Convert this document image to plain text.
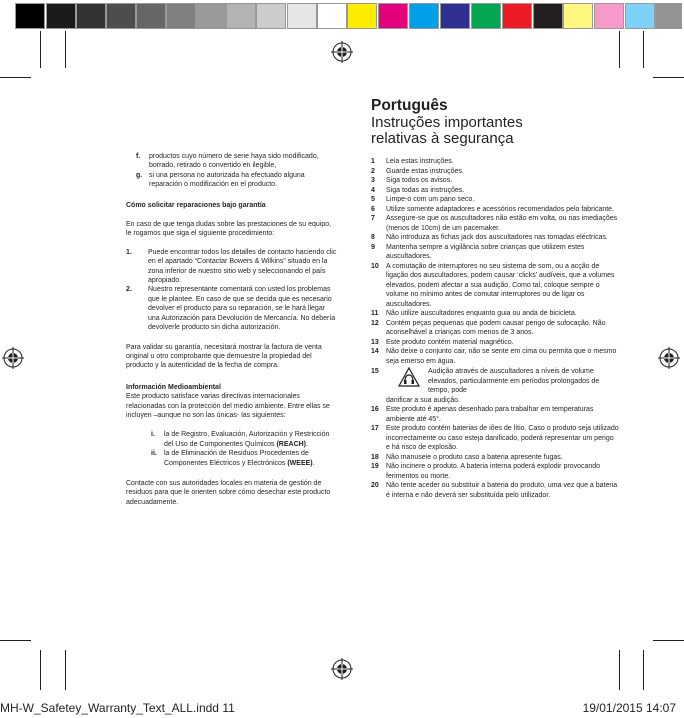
f. productos cuyo número de serie haya sido modificado, borrado, retirado o convertido en ilegible,
g. si una persona no autorizada ha efectuado alguna reparación o modificación en el producto.

Cómo solicitar reparaciones bajo garantía

En caso de que tenga dudas sobre las prestaciones de su equipo, le rogamos que siga el siguiente procedimiento:

1. Puede encontrar todos los detalles de contacto haciendo clic en el apartado “Contactar Bowers & Wilkins” situado en la zona inferior de nuestro sitio web y seleccionando el país apropiado.
2. Nuestro representante comentará con usted los problemas que le plantee. En caso de que se decida que es necesario devolver el producto para su reparación, se le hará llegar una Autorización para Devolución de Mercancía. No debería devolverle producto sin dicha autorización.

Para validar su garantía, necesitará mostrar la factura de venta original u otro comprobante que demuestre la propiedad del producto y la autenticidad de la fecha de compra.

Información Medioambiental

Este producto satisface varias directivas internacionales relacionadas con la protección del medio ambiente. Entre ellas se incluyen –aunque no son las únicas- las siguientes:

i. la de Registro, Evaluación, Autorización y Restricción del Uso de Componentes Químicos (REACH).
ii. la de Eliminación de Residuos Procedentes de Componentes Eléctricos y Electrónicos (WEEE).

Contacte con sus autoridades locales en materia de gestión de residuos para que le orienten sobre cómo desechar este producto adecuadamente.

Português
Instruções importantes relativas à segurança
1 Leia estas instruções.
2 Guarde estas instruções.
3 Siga todos os avisos.
4 Siga todas as instruções.
5 Limpe-o com um pano seco.
6 Utilize somente adaptadores e acessórios recomendados pelo fabricante.
7 Assegure-se que os auscultadores não estão em volta, ou nas imediações (menos de 10cm) de um pacemaker.
8 Não introduza as fichas jack dos auscultadores nas tomadas eléctricas.
9 Mantenha sempre a vigilância sobre crianças que utilizem estes auscultadores.
10 A comutação de interruptores no seu sistema de som, ou a acção de ligação dos auscultadores, podem causar ‘clicks’ audíveis, que a volumes elevados, podem afectar a sua audição. Como tal, coloque sempre o volume no mínimo antes de comutar interruptores ou de ligar os auscultadores.
11 Não utilize auscultadores enquanto guia ou anda de bicicleta.
12 Contém peças pequenas que podem causar perigo de sufocação. Não aconselhável a crianças com menos de 3 anos.
13 Este produto contém material magnético.
14 Não deixe o conjunto cair, não se sente em cima ou permita que o mesmo seja emerso em água.
15	Audição através de auscultadores a níveis de volume elevados, particularmente em períodos prolongados de tempo, pode
danificar a sua audição.
16 Este produto é apenas desenhado para trabalhar em temperaturas ambiente até 45°.
17 Este produto contém baterias de iões de lítio. Caso o produto seja utilizado incorrectamente ou caso esteja danificado, poderá representar um perigo e há risco de explosão.
18 Não manuseie o produto caso a bateria apresente fugas.
19 Não incinere o produto. A bateria interna poderá explodir provocando ferimentos ou morte.
20 Não tente aceder ou substituir a bateria do produto, uma vez que a bateria é interna e não deverá ser substituída pelo utilizador.
MH-W_Safetey_Warranty_Text_ALL.indd 11	19/01/2015 14:07
